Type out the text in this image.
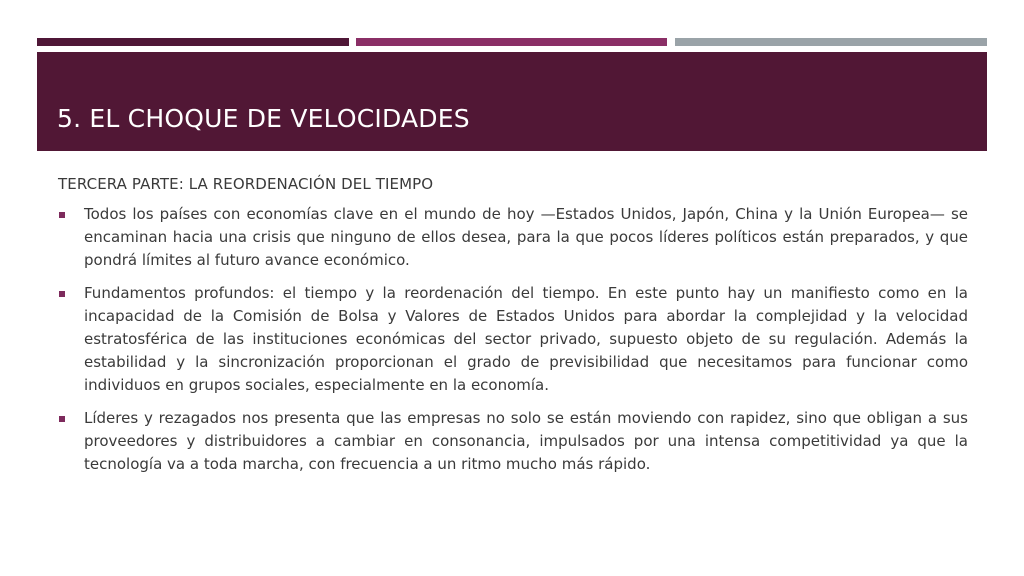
5. EL CHOQUE DE VELOCIDADES

TERCERA PARTE: LA REORDENACIÓN DEL TIEMPO

Todos los países con economías clave en el mundo de hoy —Estados Unidos, Japón, China y la Unión Europea— se encaminan hacia una crisis que ninguno de ellos desea, para la que pocos líderes políticos están preparados, y que pondrá límites al futuro avance económico.
Fundamentos profundos: el tiempo y la reordenación del tiempo. En este punto hay un manifiesto como en la incapacidad de la Comisión de Bolsa y Valores de Estados Unidos para abordar la complejidad y la velocidad estratosférica de las instituciones económicas del sector privado, supuesto objeto de su regulación. Además la estabilidad y la sincronización proporcionan el grado de previsibilidad que necesitamos para funcionar como individuos en grupos sociales, especialmente en la economía.
Líderes y rezagados nos presenta que las empresas no solo se están moviendo con rapidez, sino que obligan a sus proveedores y distribuidores a cambiar en consonancia, impulsados por una intensa competitividad ya que la tecnología va a toda marcha, con frecuencia a un ritmo mucho más rápido.
